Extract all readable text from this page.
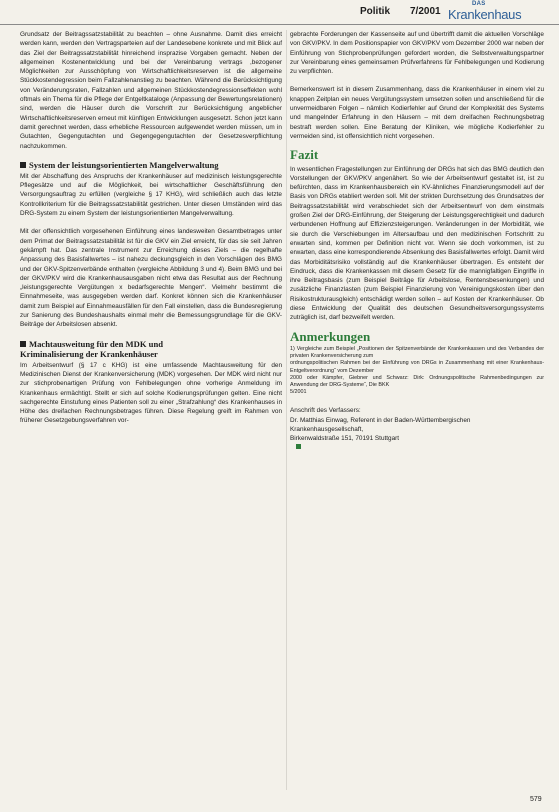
Politik 7/2001
DAS
Krankenhaus

Grundsatz der Beitragssatzstabilität zu beachten – ohne Ausnahme. Damit dies erreicht werden kann, werden den Vertragsparteien auf der Landesebene konkrete und mit Blick auf das Ziel der Beitragssatzstabilität hinreichend insprazise Vorgaben gemacht. Neben der allgemeinen Kostenentwicklung und bei der Vereinbarung vertrags ,bezogener Möglichkeiten zur Ausschöpfung von Wirtschaftlichkeitsreserven ist die allgemeine Stückkostendegression beim Fallzahlenanstieg zu beachten. Während die Berücksichtigung von Veränderungsraten, Fallzahlen und allgemeinen Stückkostendegressionseffekten wohl oftmals ein Thema für die Pflege der Entgeltkataloge (Anpassung der Bewertungsrelationen) sind, werden die Häuser durch die Vorschrift zur Berücksichtigung angeblicher Wirtschaftlichkeitsreserven erneut mit künftigen Entwicklungen ausgesetzt. Schon jetzt kann damit gerechnet werden, dass erhebliche Ressourcen aufgewendet werden müssen, um in Gutachten, Gegengutachten und Gegengegengutachten der Gesetzesverpflichtung nachzukommen.

System der leistungsorientierten Mangelverwaltung

Mit der Abschaffung des Anspruchs der Krankenhäuser auf medizinisch leistungsgerechte Pflegesätze und auf die Möglichkeit, bei wirtschaftlicher Geschäftsführung den Versorgungsauftrag zu erfüllen (vergleiche § 17 KHG), wird schließlich auch das letzte Kontrollkriterium für die Beitragssatzstabilität gestrichen. Unter diesen Umständen wird das DRG-System zu einem System der leistungsorientierten Mangelverwaltung.

Mit der offensichtlich vorgesehenen Einführung eines landesweiten Gesamtbetrages unter dem Primat der Beitragssatzstabilität ist für die GKV ein Ziel erreicht, für das sie seit Jahren gekämpft hat. Das zentrale Instrument zur Erreichung dieses Ziels – die regelhafte Anpassung des Basisfallwertes – ist nahezu deckungsgleich in den Vorschlägen des BMG und der GKV-Spitzenverbände enthalten (vergleiche Abbildung 3 und 4). Beim BMG und bei der GKV/PKV wird die Krankenhausausgaben nicht etwa das Resultat aus der Rechnung „leistungsgerechte Vergütungen x bedarfsgerechte Mengen“. Vielmehr bestimmt die Einnahmeseite, was ausgegeben werden darf. Konkret können sich die Krankenhäuser damit zum Beispiel auf Einnahmeausfällen für den Fall einstellen, dass die Bundesregierung zur Sanierung des Bundeshaushalts einmal mehr die Bemessungsgrundlage für die GKV-Beiträge der Arbeitslosen absenkt.

Machtausweitung für den MDK und
Kriminalisierung der Krankenhäuser

Im Arbeitsentwurf (§ 17 c KHG) ist eine umfassende Machtausweitung für den Medizinischen Dienst der Krankenversicherung (MDK) vorgesehen. Der MDK wird nicht nur zur stichprobenartigen Prüfung von Fehlbelegungen ohne vorherige Anmeldung im Krankenhaus ermächtigt. Stellt er sich auf solche Kodierungsprüfungen gelten. Eine nicht sachgerechte Einstufung eines Patienten soll zu einer „Strafzahlung“ des Krankenhauses in Höhe des dreifachen Rechnungsbetrages führen. Diese Regelung greift im Rahmen von früherer Gesetzgebungsverfahren vor-

gebrachte Forderungen der Kassenseite auf und übertrifft damit die aktuellen Vorschläge von GKV/PKV. In dem Positionspapier von GKV/PKV vom Dezember 2000 war neben der Einführung von Stichprobenprüfungen gefordert worden, die Selbstverwaltungspartner zur Vereinbarung eines gemeinsamen Prüfverfahrens für Fehlbelegungen und Kodierung zu verpflichten.

Bemerkenswert ist in diesem Zusammenhang, dass die Krankenhäuser in einem viel zu knappen Zeitplan ein neues Vergütungssystem umsetzen sollen und anschließend für die unvermeidbaren Folgen – nämlich Kodierfehler auf Grund der Komplexität des Systems und mangelnder Erfahrung in den Häusern – mit dem dreifachen Rechnungsbetrag bestraft werden sollen. Eine Beratung der Kliniken, wie mögliche Kodierfehler zu vermeiden sind, ist offensichtlich nicht vorgesehen.

Fazit

In wesentlichen Fragestellungen zur Einführung der DRGs hat sich das BMG deutlich den Vorstellungen der GKV/PKV angenähert. So wie der Arbeitsentwurf gestaltet ist, ist zu befürchten, dass im Krankenhausbereich ein KV-ähnliches Finanzierungsmodell auf der Basis von DRGs etabliert werden soll. Mit der strikten Durchsetzung des Grundsatzes der Beitragssatzstabilität wird verabschiedet sich der Arbeitsentwurf von dem einstmals großen Ziel der DRG-Einführung, der Steigerung der Leistungsgerechtigkeit und dadurch verbundenen Hoffnung auf Effizienzsteigerungen. Veränderungen in der Morbidität, wie sie durch die Verschiebungen im Altersaufbau und den medizinischen Fortschritt zu erwarten sind, kommen per Definition nicht vor. Wenn sie doch vorkommen, ist zu erwarten, dass eine korrespondierende Absenkung des Basisfallwertes erfolgt. Damit wird das Morbiditätsrisiko vollständig auf die Krankenhäuser übertragen. Es entsteht der Eindruck, dass die Krankenkassen mit diesem Gesetz für die mannigfaltigen Eingriffe in ihre Beitragsbasis (zum Beispiel Beiträge für Arbeitslose, Rentensbesenkungen) und zusätzliche Finanzlasten (zum Beispiel Finanzierung von Vereinigungskosten über den Risikostrukturausgleich) entschädigt werden sollen – auf Kosten der Krankenhäuser. Ob diese Entwicklung der Qualität des deutschen Gesundheitsversorgungssystems zuträglich ist, darf bezweifelt werden.

Anmerkungen
1) Vergleiche zum Beispiel „Positionen der Spitzenverbände der Krankenkassen und des Verbandes der privaten Krankenversicherung zum
ordnungspolitischen Rahmen bei der Einführung von DRGs in Zusammenhang mit einer Krankenhaus-Entgeltverordnung“ vom Dezember
2000 oder Kämpfer, Giebner und Schwarz: Dirk: Ordnungspolitische Rahmenbedingungen zur Anwendung der DRG-Systeme“, Die BKK
5/2001
Anschrift des Verfassers:
Dr. Matthias Einwag, Referent in der Baden-Württembergischen Krankenhausgesellschaft,
Birkenwaldstraße 151, 70191 Stuttgart
579
